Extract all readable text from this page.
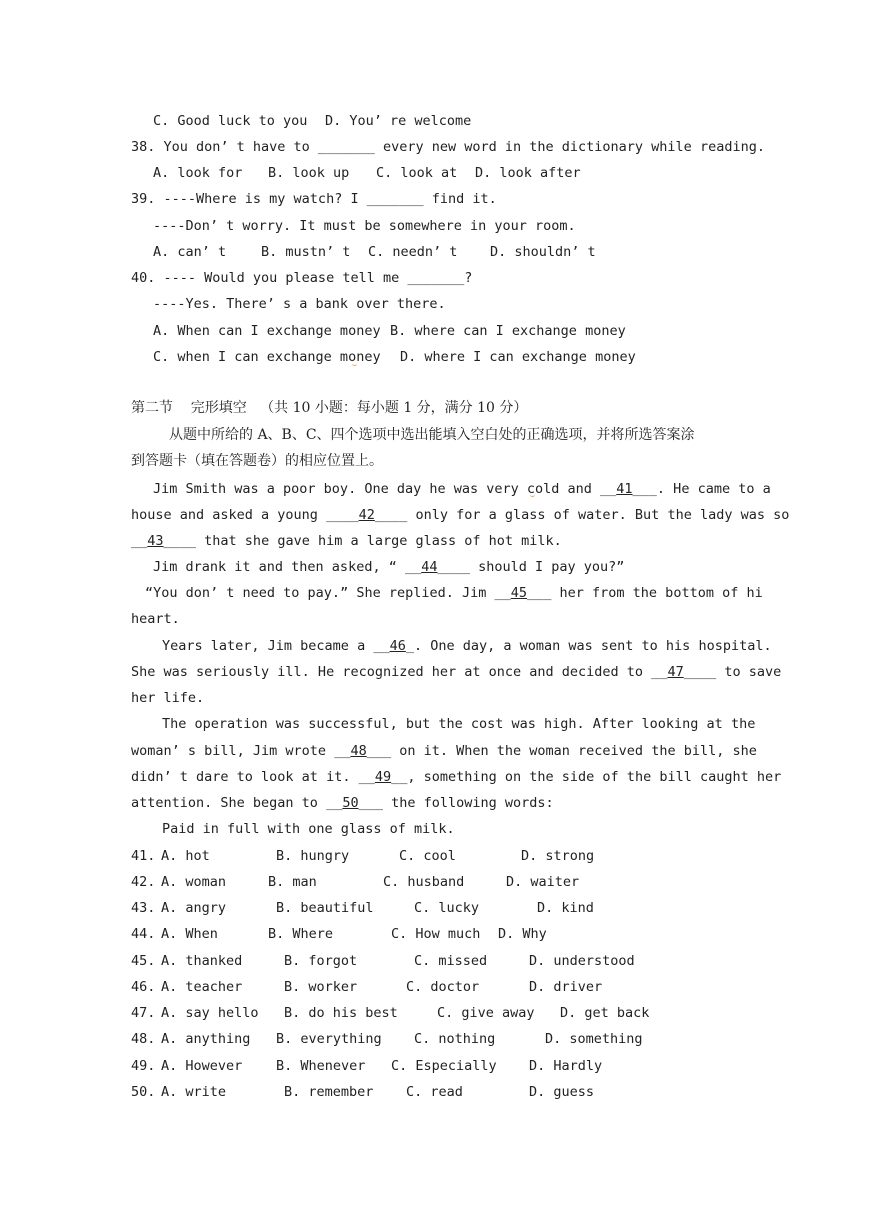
C. Good luck to you D. You’ re welcome
38. You don’ t have to _______ every new word in the dictionary while reading.
A. look for B. look up C. look at D. look after
39. ----Where is my watch? I _______ find it.
----Don’ t worry. It must be somewhere in your room.
A. can’ t	B. mustn’ t C. needn’ t D. shouldn’ t
40. ---- Would you please tell me _______?
----Yes. There’ s a bank over there.
A. When can I exchange money B. where can I exchange money
C. when I can exchange money D. where I can exchange money
第二节    完形填空   （共 10 小题：每小题 1 分，满分 10 分）
从题中所给的 A、B、C、四个选项中选出能填入空白处的正确选项，并将所选答案涂
到答题卡（填在答题卷）的相应位置上。
Jim Smith was a poor boy. One day he was very cold and __41___. He came to a
house and asked a young ____42____ only for a glass of water. But the lady was so
__43____ that she gave him a large glass of hot milk.
Jim drank it and then asked, “ __44____ should I pay you?”
“You don’ t need to pay.” She replied. Jim __45___ her from the bottom of hi
heart.
Years later, Jim became a __46_. One day, a woman was sent to his hospital.
She was seriously ill. He recognized her at once and decided to __47____ to save
her life.
The operation was successful, but the cost was high. After looking at the
woman’ s bill, Jim wrote __48___ on it. When the woman received the bill, she
didn’ t dare to look at it. __49__, something on the side of the bill caught her
attention. She began to __50___ the following words:
Paid in full with one glass of milk.
41. A. hot	B. hungry	C. cool	D. strong
42. A. woman	B. man	C. husband	D. waiter
43. A. angry	B. beautiful	C. lucky	D. kind
44. A. When	B. Where	C. How much D. Why
45. A. thanked	B. forgot	C. missed	D. understood
46. A. teacher	B. worker	C. doctor	D. driver
47. A. say hello B. do his best	C. give away D. get back
48. A. anything B. everything C. nothing	D. something
49. A. However B. Whenever C. Especially D. Hardly
50. A. write	B. remember C. read	D. guess
